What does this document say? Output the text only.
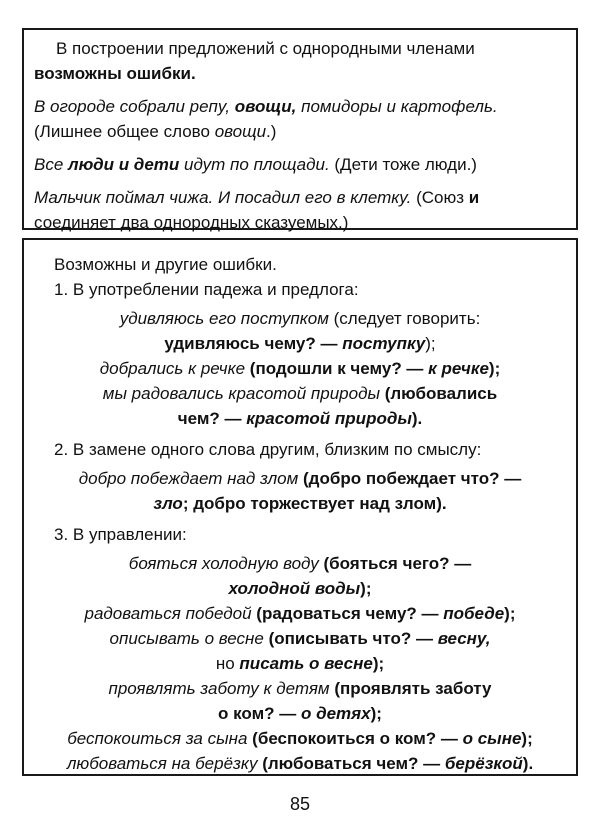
В построении предложений с однородными членами
возможны ошибки.

В огороде собрали репу, овощи, помидоры и картофель.
(Лишнее общее слово овощи.)

Все люди и дети идут по площади. (Дети тоже люди.)

Мальчик поймал чижа. И посадил его в клетку. (Союз и
соединяет два однородных сказуемых.)

Возможны и другие ошибки.

1. В употреблении падежа и предлога:

удивляюсь его поступком (следует говорить:
удивляюсь чему? — поступку);
добрались к речке (подошли к чему? — к речке);
мы радовались красотой природы (любовались
чем? — красотой природы).

2. В замене одного слова другим, близким по смыслу:

добро побеждает над злом (добро побеждает что? —
зло; добро торжествует над злом).

3. В управлении:

бояться холодную воду (бояться чего? —
холодной воды);
радоваться победой (радоваться чему? — победе);
описывать о весне (описывать что? — весну,
но писать о весне);
проявлять заботу к детям (проявлять заботу
о ком? — о детях);
беспокоиться за сына (беспокоиться о ком? — о сыне);
любоваться на берёзку (любоваться чем? — берёзкой).
85
